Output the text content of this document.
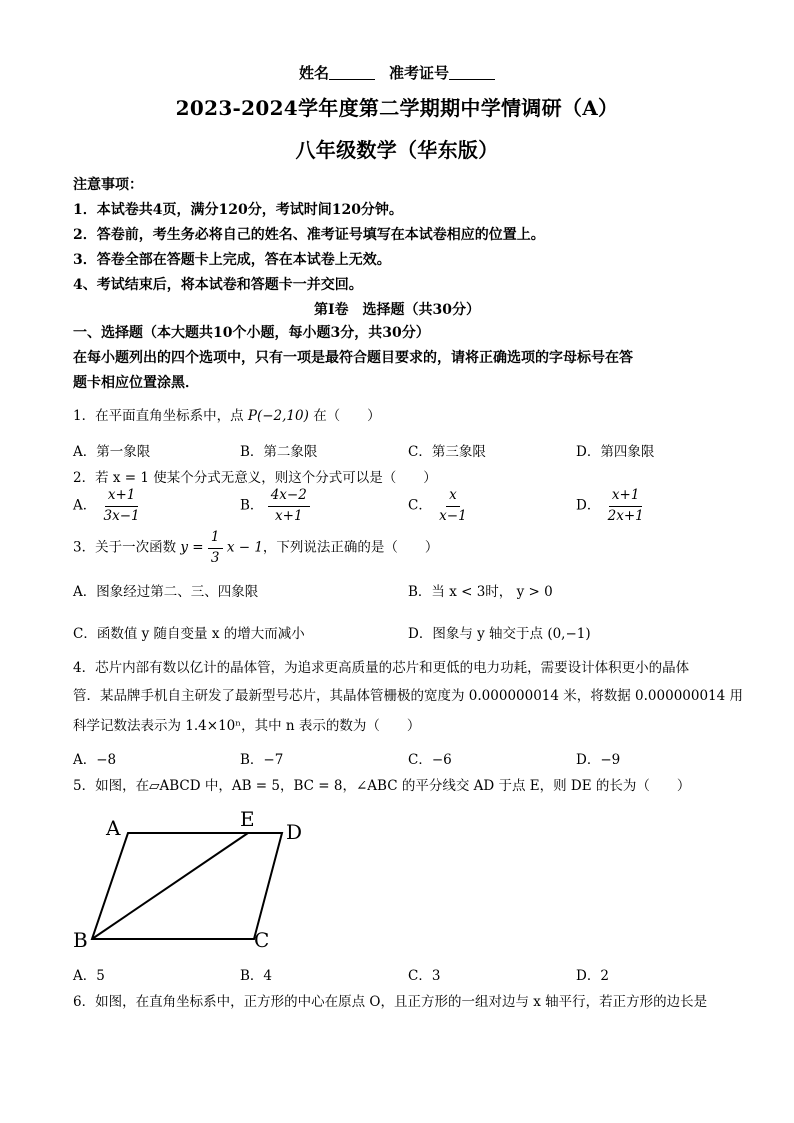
姓名	准考证号
2023-2024学年度第二学期期中学情调研（A）
八年级数学（华东版）
注意事项：
1．本试卷共4页，满分120分，考试时间120分钟。
2．答卷前，考生务必将自己的姓名、准考证号填写在本试卷相应的位置上。
3．答卷全部在答题卡上完成，答在本试卷上无效。
4、考试结束后，将本试卷和答题卡一并交回。
第Ⅰ卷　选择题（共30分）
一、选择题（本大题共10个小题，每小题3分，共30分）
在每小题列出的四个选项中，只有一项是最符合题目要求的，请将正确选项的字母标号在答
题卡相应位置涂黑．
1．在平面直角坐标系中，点 P(−2,10) 在（　　）
A．第一象限	B．第二象限	C．第三象限	D．第四象限
2．若 x = 1 使某个分式无意义，则这个分式可以是（　　）
A． $\frac{x+1}{3x-1}$	B． $\frac{4x-2}{x+1}$	C． $\frac{x}{x-1}$	D． $\frac{x+1}{2x+1}$
3．关于一次函数 $y = \frac{1}{3}$ x − 1，下列说法正确的是（　　）
A．图象经过第二、三、四象限	B．当 x < 3时， y > 0
C．函数值 y 随自变量 x 的增大而减小	D．图象与 y 轴交于点 (0,−1)
4．芯片内部有数以亿计的晶体管，为追求更高质量的芯片和更低的电力功耗，需要设计体积更小的晶体
管．某品牌手机自主研发了最新型号芯片，其晶体管栅极的宽度为 0.000000014 米，将数据 0.000000014 用
科学记数法表示为 1.4×10ⁿ，其中 n 表示的数为（　　）
A．−8	B．−7	C．−6	D．−9
5．如图，在▱ABCD 中，AB = 5，BC = 8，∠ABC 的平分线交 AD 于点 E，则 DE 的长为（　　）
A	E
D
B	C
A．5	B．4	C．3	D．2
6．如图，在直角坐标系中，正方形的中心在原点 O，且正方形的一组对边与 x 轴平行，若正方形的边长是
